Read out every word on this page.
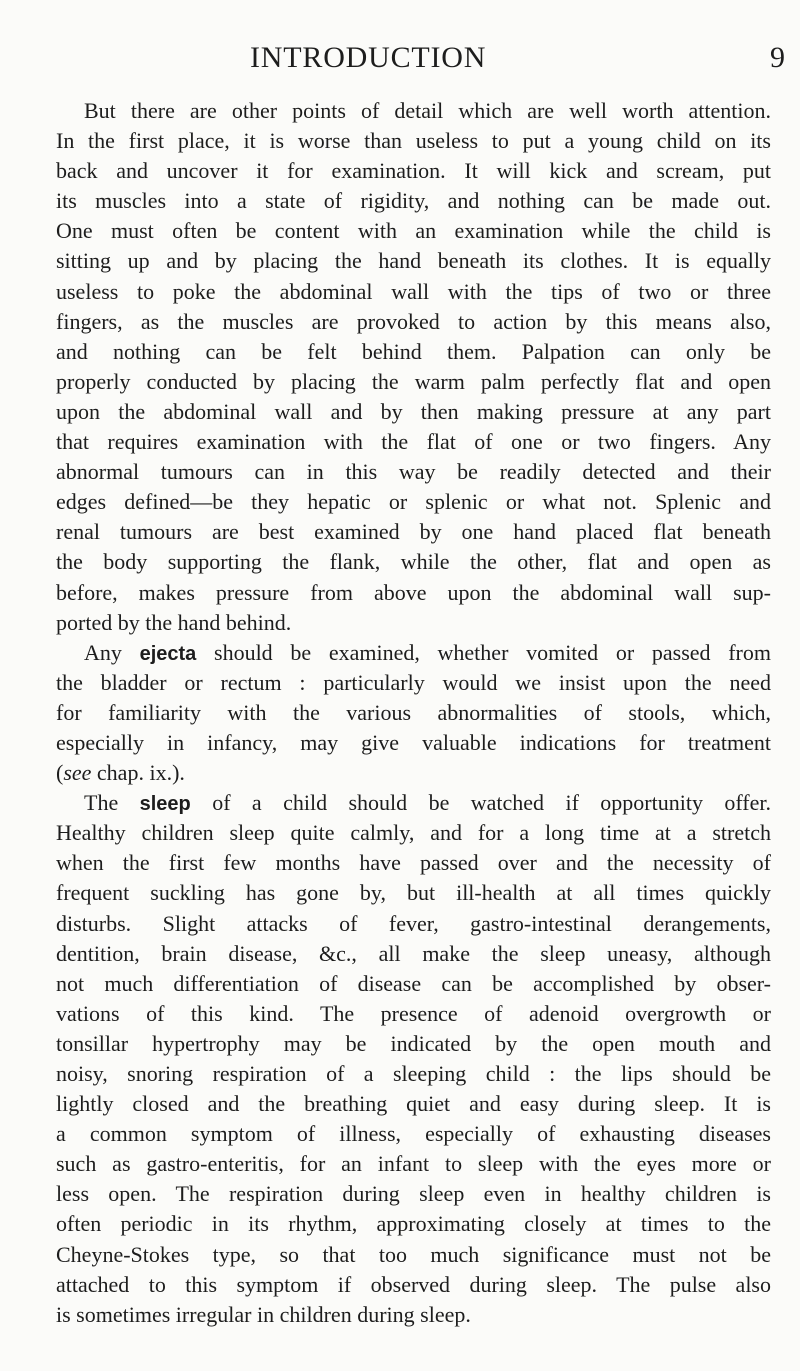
INTRODUCTION	9
But there are other points of detail which are well worth attention.
In the first place, it is worse than useless to put a young child on its
back and uncover it for examination. It will kick and scream, put
its muscles into a state of rigidity, and nothing can be made out.
One must often be content with an examination while the child is
sitting up and by placing the hand beneath its clothes. It is equally
useless to poke the abdominal wall with the tips of two or three
fingers, as the muscles are provoked to action by this means also,
and nothing can be felt behind them. Palpation can only be
properly conducted by placing the warm palm perfectly flat and open
upon the abdominal wall and by then making pressure at any part
that requires examination with the flat of one or two fingers. Any
abnormal tumours can in this way be readily detected and their
edges defined—be they hepatic or splenic or what not. Splenic and
renal tumours are best examined by one hand placed flat beneath
the body supporting the flank, while the other, flat and open as
before, makes pressure from above upon the abdominal wall sup-
ported by the hand behind.
Any ejecta should be examined, whether vomited or passed from
the bladder or rectum : particularly would we insist upon the need
for familiarity with the various abnormalities of stools, which,
especially in infancy, may give valuable indications for treatment
(see chap. ix.).
The sleep of a child should be watched if opportunity offer.
Healthy children sleep quite calmly, and for a long time at a stretch
when the first few months have passed over and the necessity of
frequent suckling has gone by, but ill-health at all times quickly
disturbs. Slight attacks of fever, gastro-intestinal derangements,
dentition, brain disease, &c., all make the sleep uneasy, although
not much differentiation of disease can be accomplished by obser-
vations of this kind. The presence of adenoid overgrowth or
tonsillar hypertrophy may be indicated by the open mouth and
noisy, snoring respiration of a sleeping child : the lips should be
lightly closed and the breathing quiet and easy during sleep. It is
a common symptom of illness, especially of exhausting diseases
such as gastro-enteritis, for an infant to sleep with the eyes more or
less open. The respiration during sleep even in healthy children is
often periodic in its rhythm, approximating closely at times to the
Cheyne-Stokes type, so that too much significance must not be
attached to this symptom if observed during sleep. The pulse also
is sometimes irregular in children during sleep.
